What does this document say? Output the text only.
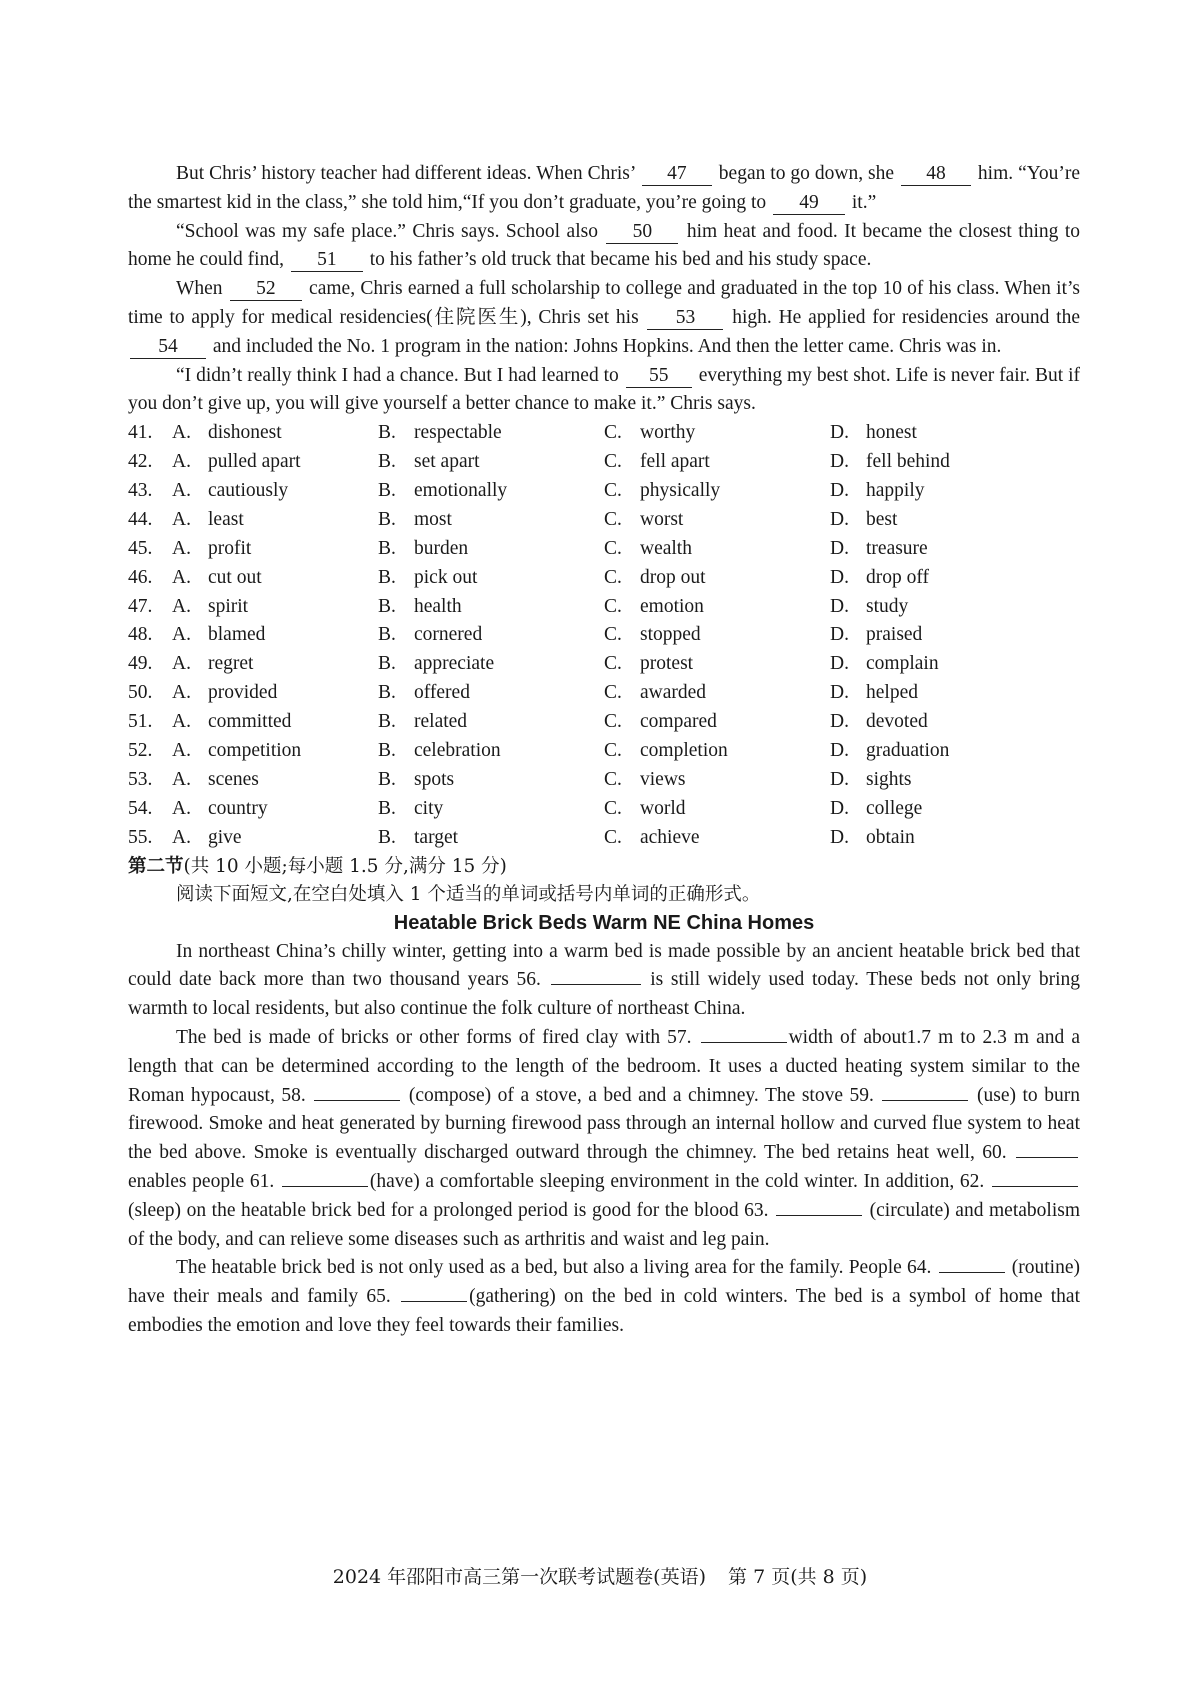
But Chris’ history teacher had different ideas. When Chris’ 47 began to go down, she 48 him. “You’re the smartest kid in the class,” she told him,“If you don’t graduate, you’re going to 49 it.”

“School was my safe place.” Chris says. School also 50 him heat and food. It became the closest thing to home he could find, 51 to his father’s old truck that became his bed and his study space.

When 52 came, Chris earned a full scholarship to college and graduated in the top 10 of his class. When it’s time to apply for medical residencies(住院医生), Chris set his 53 high. He applied for residencies around the 54 and included the No. 1 program in the nation: Johns Hopkins. And then the letter came. Chris was in.

“I didn’t really think I had a chance. But I had learned to 55 everything my best shot. Life is never fair. But if you don’t give up, you will give yourself a better chance to make it.” Chris says.

41.	A. dishonest	B. respectable	C. worthy	D. honest
42.	A. pulled apart	B. set apart	C. fell apart	D. fell behind
43.	A. cautiously	B. emotionally	C. physically	D. happily
44.	A. least	B. most	C. worst	D. best
45.	A. profit	B. burden	C. wealth	D. treasure
46.	A. cut out	B. pick out	C. drop out	D. drop off
47.	A. spirit	B. health	C. emotion	D. study
48.	A. blamed	B. cornered	C. stopped	D. praised
49.	A. regret	B. appreciate	C. protest	D. complain
50.	A. provided	B. offered	C. awarded	D. helped
51.	A. committed	B. related	C. compared	D. devoted
52.	A. competition	B. celebration	C. completion	D. graduation
53.	A. scenes	B. spots	C. views	D. sights
54.	A. country	B. city	C. world	D. college
55.	A. give	B. target	C. achieve	D. obtain

第二节(共 10 小题;每小题 1.5 分,满分 15 分)

阅读下面短文,在空白处填入 1 个适当的单词或括号内单词的正确形式。

Heatable Brick Beds Warm NE China Homes

In northeast China’s chilly winter, getting into a warm bed is made possible by an ancient heatable brick bed that could date back more than two thousand years 56.	is still widely used today. These beds not only bring warmth to local residents, but also continue the folk culture of northeast China.

The bed is made of bricks or other forms of fired clay with 57.	width of about1.7 m to 2.3 m and a length that can be determined according to the length of the bedroom. It uses a ducted heating system similar to the Roman hypocaust, 58.	(compose) of a stove, a bed and a chimney. The stove 59.	(use) to burn firewood. Smoke and heat generated by burning firewood pass through an internal hollow and curved flue system to heat the bed above. Smoke is eventually discharged outward through the chimney. The bed retains heat well, 60.  enables people 61.	(have) a comfortable sleeping environment in the cold winter. In addition, 62. (sleep) on the heatable brick bed for a prolonged period is good for the blood 63.	(circulate) and metabolism of the body, and can relieve some diseases such as arthritis and waist and leg pain.

The heatable brick bed is not only used as a bed, but also a living area for the family. People 64.	(routine) have their meals and family 65.	(gathering) on the bed in cold winters. The bed is a symbol of home that embodies the emotion and love they feel towards their families.

2024 年邵阳市高三第一次联考试题卷(英语) 第 7 页(共 8 页)
